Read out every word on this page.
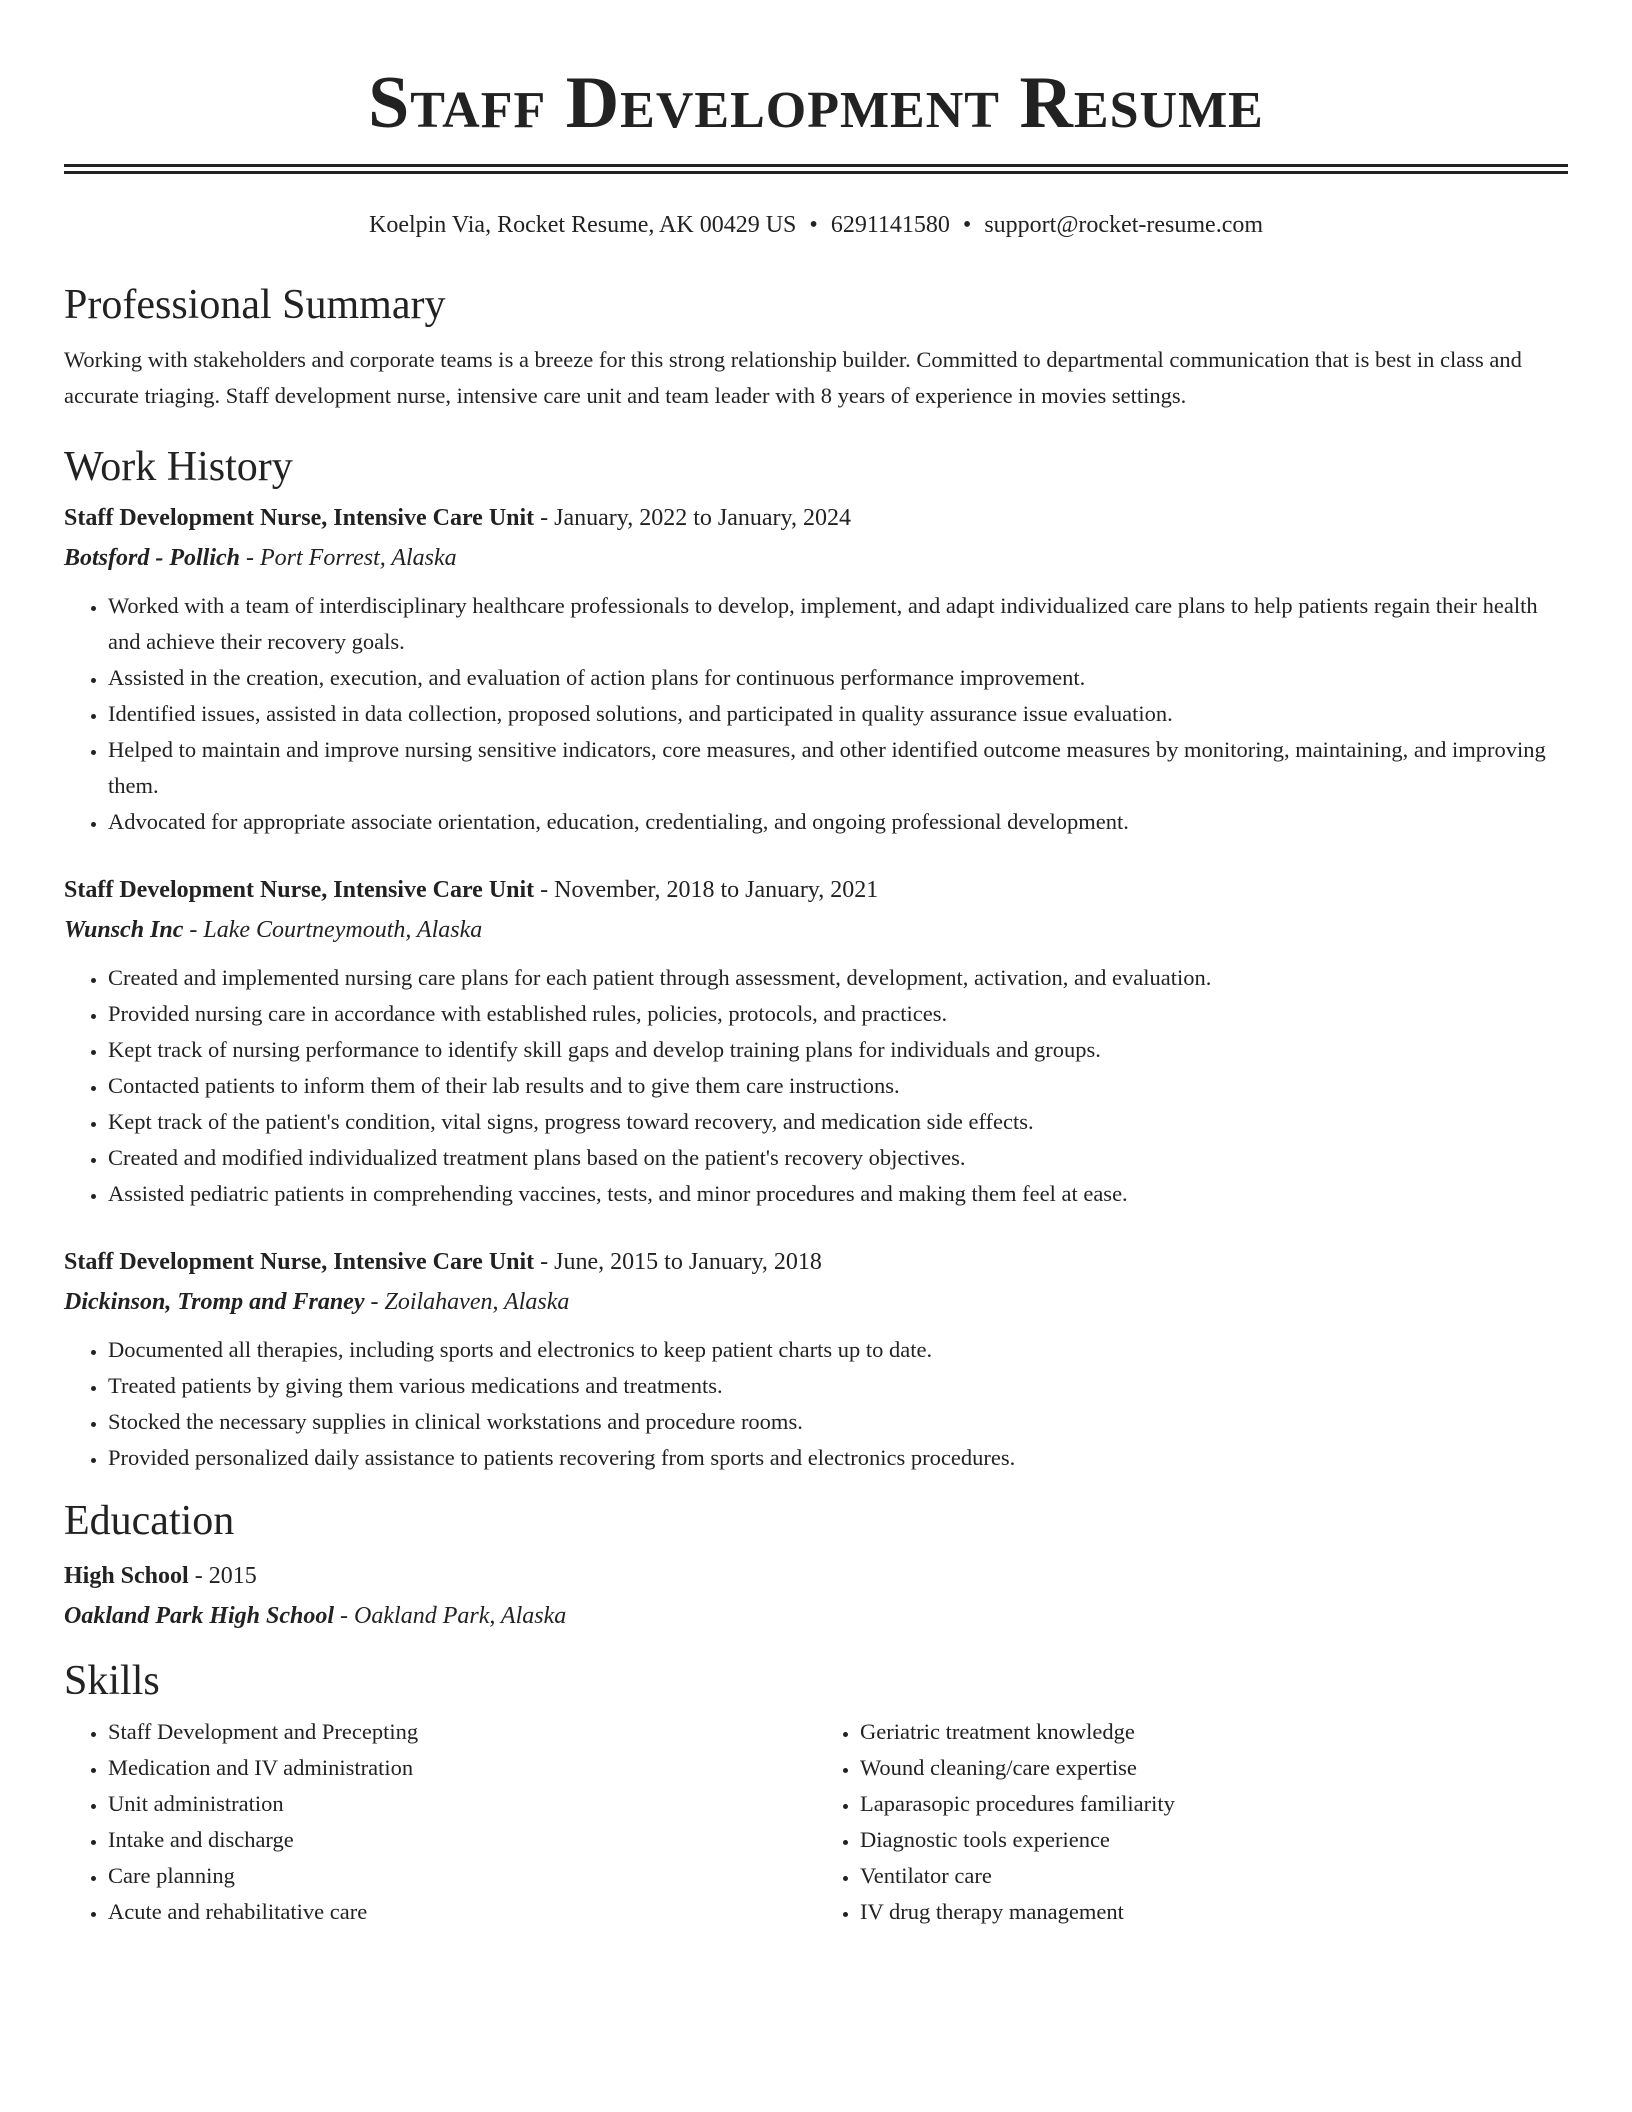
Staff Development Resume
Koelpin Via, Rocket Resume, AK 00429 US • 6291141580 • support@rocket-resume.com
Professional Summary
Working with stakeholders and corporate teams is a breeze for this strong relationship builder. Committed to departmental communication that is best in class and accurate triaging. Staff development nurse, intensive care unit and team leader with 8 years of experience in movies settings.
Work History
Staff Development Nurse, Intensive Care Unit - January, 2022 to January, 2024
Botsford - Pollich - Port Forrest, Alaska
• Worked with a team of interdisciplinary healthcare professionals to develop, implement, and adapt individualized care plans to help patients regain their health and achieve their recovery goals.
• Assisted in the creation, execution, and evaluation of action plans for continuous performance improvement.
• Identified issues, assisted in data collection, proposed solutions, and participated in quality assurance issue evaluation.
• Helped to maintain and improve nursing sensitive indicators, core measures, and other identified outcome measures by monitoring, maintaining, and improving them.
• Advocated for appropriate associate orientation, education, credentialing, and ongoing professional development.
Staff Development Nurse, Intensive Care Unit - November, 2018 to January, 2021
Wunsch Inc - Lake Courtneymouth, Alaska
• Created and implemented nursing care plans for each patient through assessment, development, activation, and evaluation.
• Provided nursing care in accordance with established rules, policies, protocols, and practices.
• Kept track of nursing performance to identify skill gaps and develop training plans for individuals and groups.
• Contacted patients to inform them of their lab results and to give them care instructions.
• Kept track of the patient's condition, vital signs, progress toward recovery, and medication side effects.
• Created and modified individualized treatment plans based on the patient's recovery objectives.
• Assisted pediatric patients in comprehending vaccines, tests, and minor procedures and making them feel at ease.
Staff Development Nurse, Intensive Care Unit - June, 2015 to January, 2018
Dickinson, Tromp and Franey - Zoilahaven, Alaska
• Documented all therapies, including sports and electronics to keep patient charts up to date.
• Treated patients by giving them various medications and treatments.
• Stocked the necessary supplies in clinical workstations and procedure rooms.
• Provided personalized daily assistance to patients recovering from sports and electronics procedures.
Education
High School - 2015
Oakland Park High School - Oakland Park, Alaska
Skills
• Staff Development and Precepting
• Medication and IV administration
• Unit administration
• Intake and discharge
• Care planning
• Acute and rehabilitative care
• Geriatric treatment knowledge
• Wound cleaning/care expertise
• Laparasopic procedures familiarity
• Diagnostic tools experience
• Ventilator care
• IV drug therapy management
